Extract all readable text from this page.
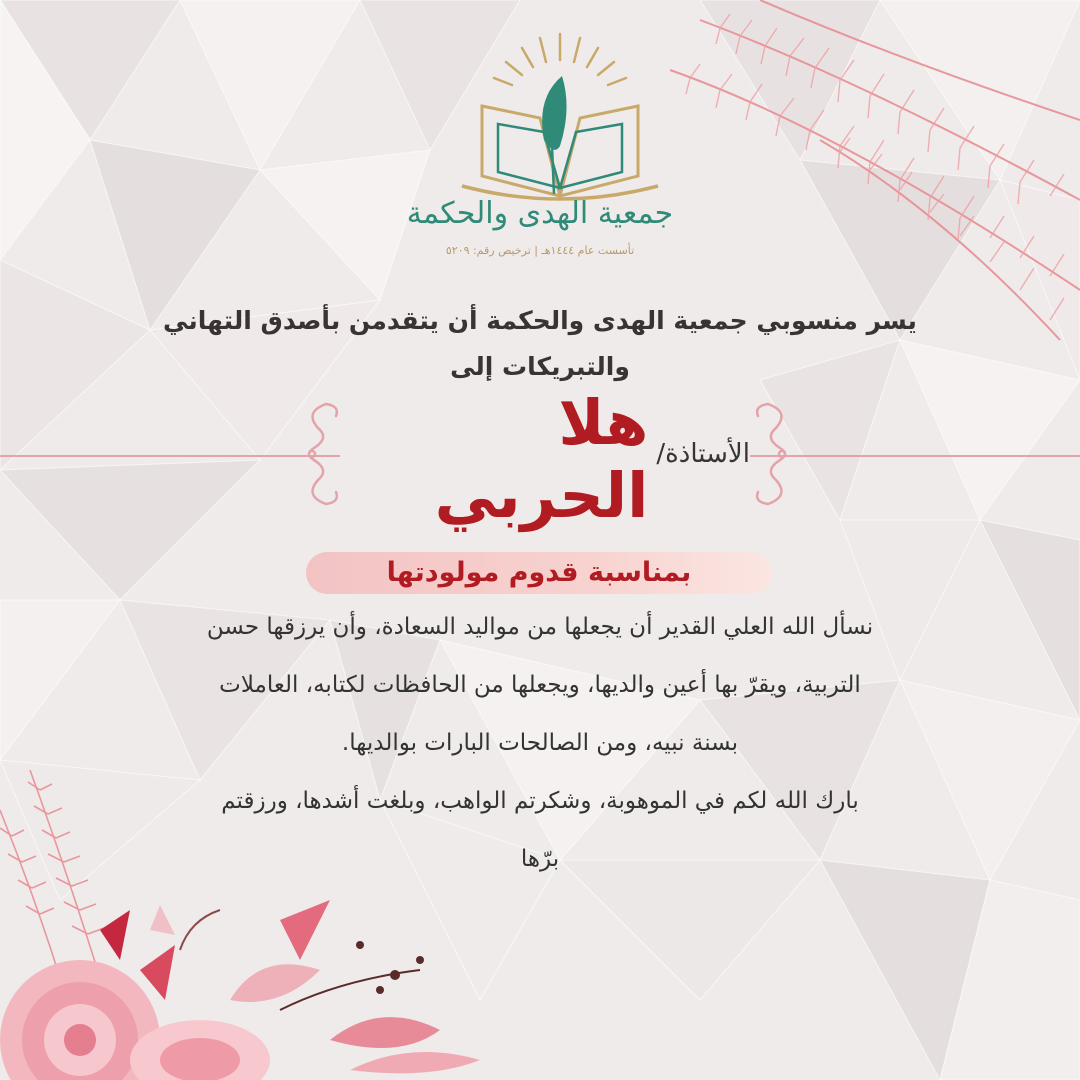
جمعية الهدى والحكمة
تأسست عام ١٤٤٤هـ | ترخيص رقم: ٥٢٠٩
يسر منسوبي جمعية الهدى والحكمة أن يتقدمن بأصدق التهاني
والتبريكات إلى
الأستاذة/
هلا الحربي
بمناسبة قدوم مولودتها

نسأل الله العلي القدير أن يجعلها من مواليد السعادة، وأن يرزقها حسن

التربية، ويقرّ بها أعين والديها، ويجعلها من الحافظات لكتابه، العاملات

بسنة نبيه، ومن الصالحات البارات بوالديها.

بارك الله لكم في الموهوبة، وشكرتم الواهب، وبلغت أشدها، ورزقتم

برّها
